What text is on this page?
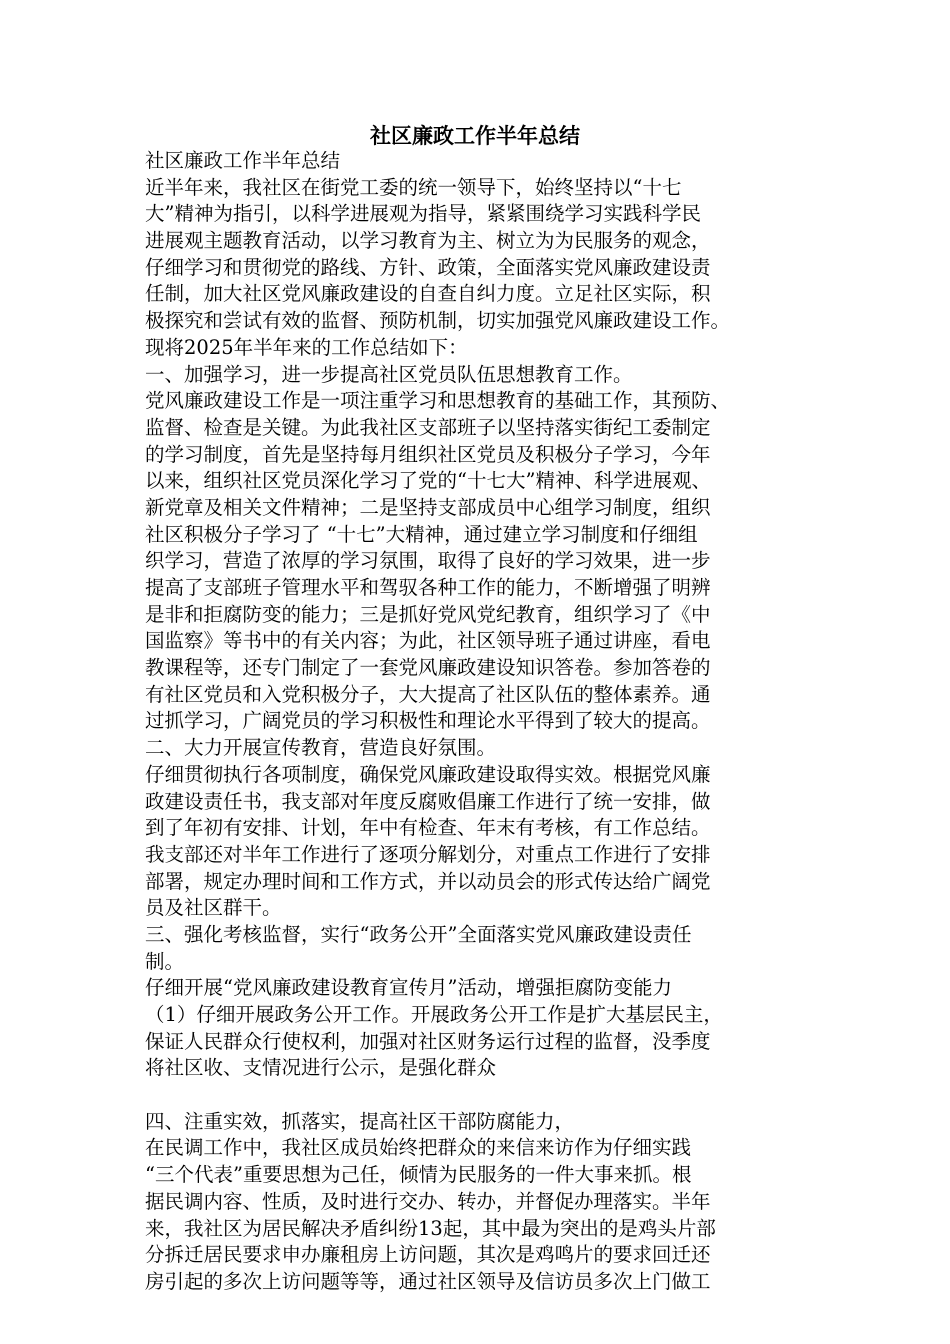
社区廉政工作半年总结
社区廉政工作半年总结
近半年来，我社区在街党工委的统一领导下，始终坚持以“十七
大”精神为指引，以科学进展观为指导，紧紧围绕学习实践科学民
进展观主题教育活动，以学习教育为主、树立为为民服务的观念，
仔细学习和贯彻党的路线、方针、政策，全面落实党风廉政建设责
任制，加大社区党风廉政建设的自查自纠力度。立足社区实际，积
极探究和尝试有效的监督、预防机制，切实加强党风廉政建设工作。
现将2025年半年来的工作总结如下：
一、加强学习，进一步提高社区党员队伍思想教育工作。
党风廉政建设工作是一项注重学习和思想教育的基础工作，其预防、
监督、检查是关键。为此我社区支部班子以坚持落实街纪工委制定
的学习制度，首先是坚持每月组织社区党员及积极分子学习，今年
以来，组织社区党员深化学习了党的“十七大”精神、科学进展观、
新党章及相关文件精神；二是坚持支部成员中心组学习制度，组织
社区积极分子学习了 “十七”大精神，通过建立学习制度和仔细组
织学习，营造了浓厚的学习氛围，取得了良好的学习效果，进一步
提高了支部班子管理水平和驾驭各种工作的能力，不断增强了明辨
是非和拒腐防变的能力；三是抓好党风党纪教育，组织学习了《中
国监察》等书中的有关内容；为此，社区领导班子通过讲座，看电
教课程等，还专门制定了一套党风廉政建设知识答卷。参加答卷的
有社区党员和入党积极分子，大大提高了社区队伍的整体素养。通
过抓学习，广阔党员的学习积极性和理论水平得到了较大的提高。
二、大力开展宣传教育，营造良好氛围。
仔细贯彻执行各项制度，确保党风廉政建设取得实效。根据党风廉
政建设责任书，我支部对年度反腐败倡廉工作进行了统一安排，做
到了年初有安排、计划，年中有检查、年末有考核，有工作总结。
我支部还对半年工作进行了逐项分解划分，对重点工作进行了安排
部署，规定办理时间和工作方式，并以动员会的形式传达给广阔党
员及社区群干。
三、强化考核监督，实行“政务公开”全面落实党风廉政建设责任
制。
仔细开展“党风廉政建设教育宣传月”活动，增强拒腐防变能力
（1）仔细开展政务公开工作。开展政务公开工作是扩大基层民主，
保证人民群众行使权利，加强对社区财务运行过程的监督，没季度
将社区收、支情况进行公示，是强化群众
四、注重实效，抓落实，提高社区干部防腐能力，
在民调工作中，我社区成员始终把群众的来信来访作为仔细实践
“三个代表”重要思想为己任，倾情为民服务的一件大事来抓。根
据民调内容、性质，及时进行交办、转办，并督促办理落实。半年
来，我社区为居民解决矛盾纠纷13起，其中最为突出的是鸡头片部
分拆迁居民要求申办廉租房上访问题，其次是鸡鸣片的要求回迁还
房引起的多次上访问题等等，通过社区领导及信访员多次上门做工
